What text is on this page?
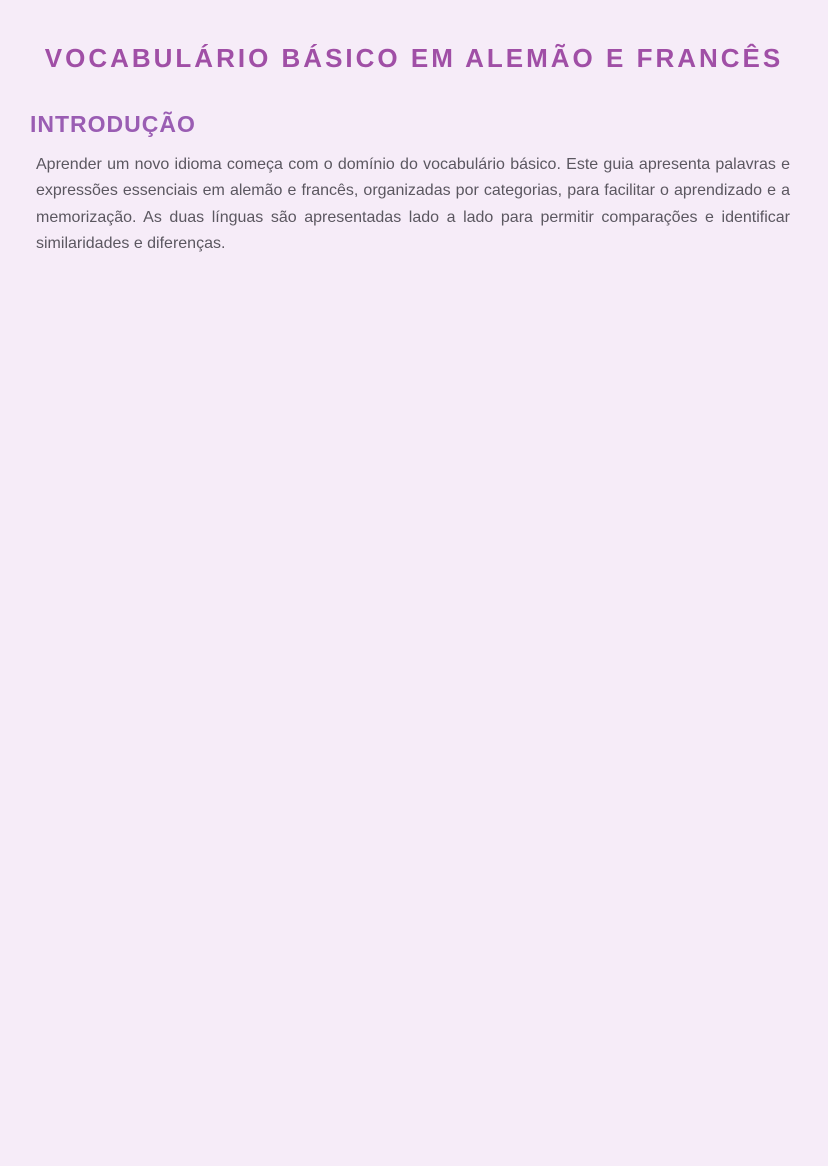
VOCABULÁRIO BÁSICO EM ALEMÃO E FRANCÊS
INTRODUÇÃO

Aprender um novo idioma começa com o domínio do vocabulário básico. Este guia apresenta palavras e expressões essenciais em alemão e francês, organizadas por categorias, para facilitar o aprendizado e a memorização. As duas línguas são apresentadas lado a lado para permitir comparações e identificar similaridades e diferenças.
